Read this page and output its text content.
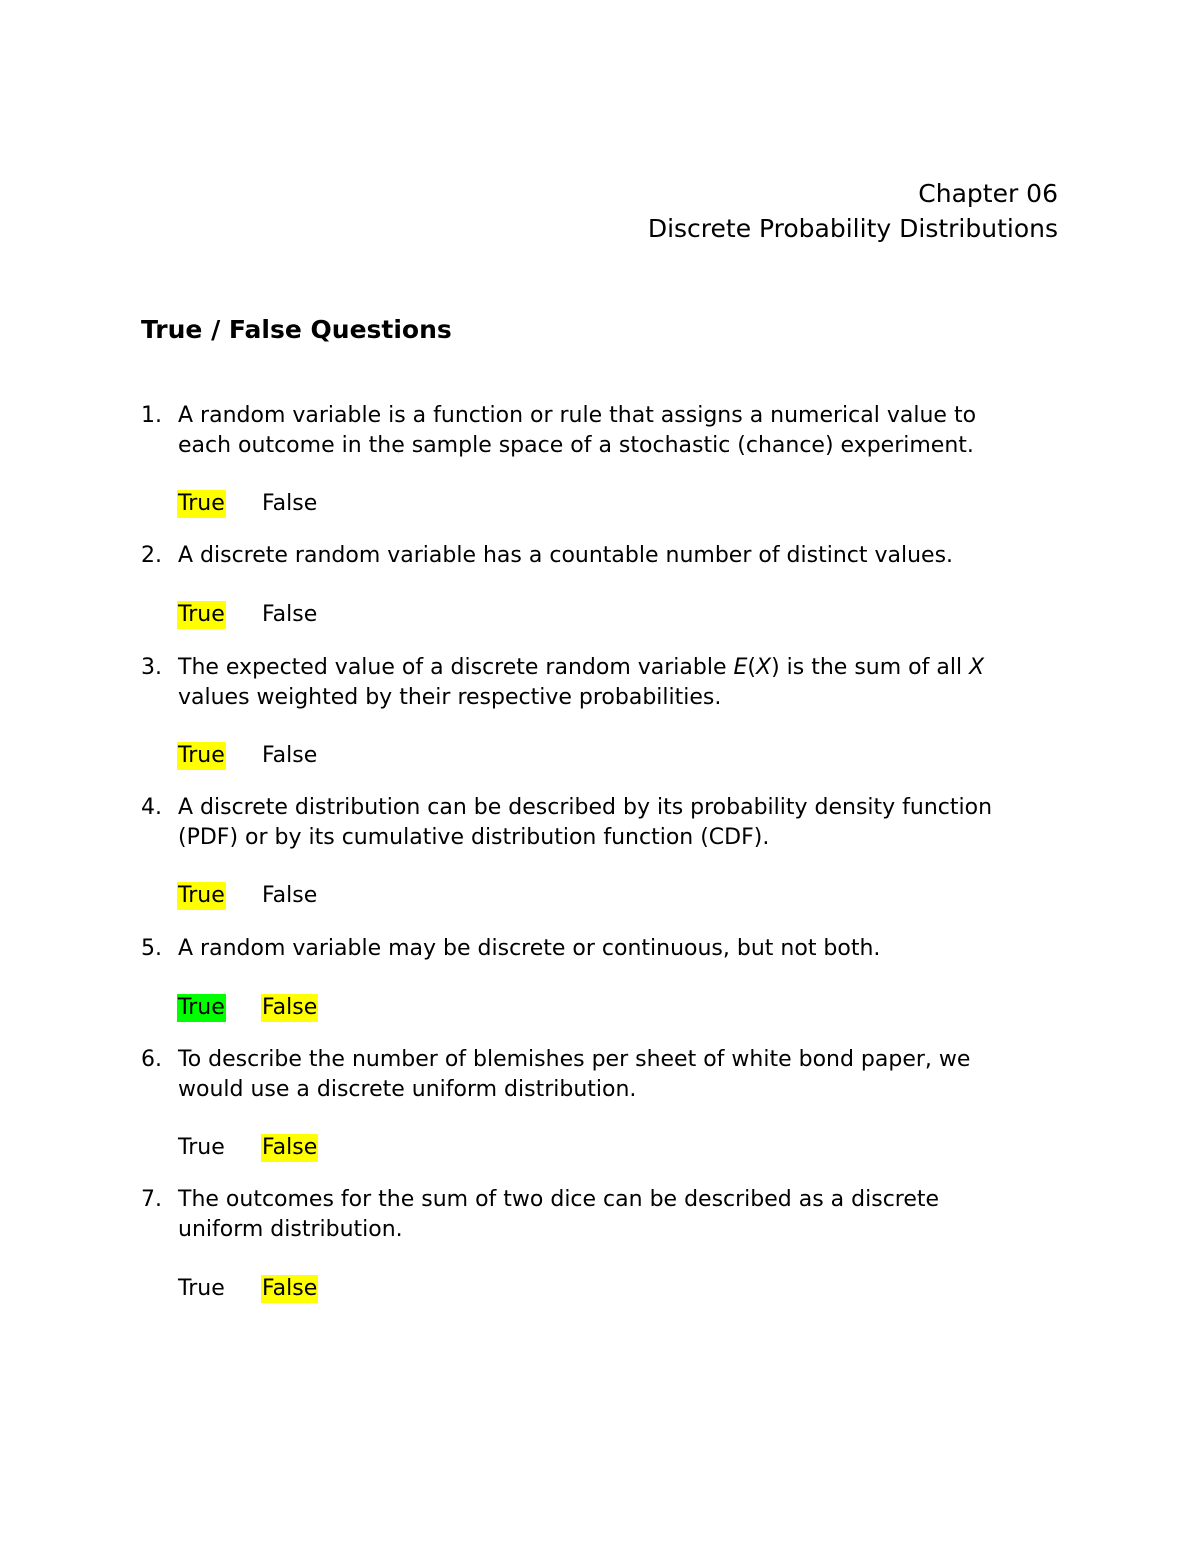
Chapter 06
Discrete Probability Distributions
True / False Questions
1. A random variable is a function or rule that assigns a numerical value to
each outcome in the sample space of a stochastic (chance) experiment.
True False
2. A discrete random variable has a countable number of distinct values.
True False
3. The expected value of a discrete random variable E(X) is the sum of all X
values weighted by their respective probabilities.
True False
4. A discrete distribution can be described by its probability density function
(PDF) or by its cumulative distribution function (CDF).
True False
5. A random variable may be discrete or continuous, but not both.
True False
6. To describe the number of blemishes per sheet of white bond paper, we
would use a discrete uniform distribution.
True False
7. The outcomes for the sum of two dice can be described as a discrete
uniform distribution.
True False
